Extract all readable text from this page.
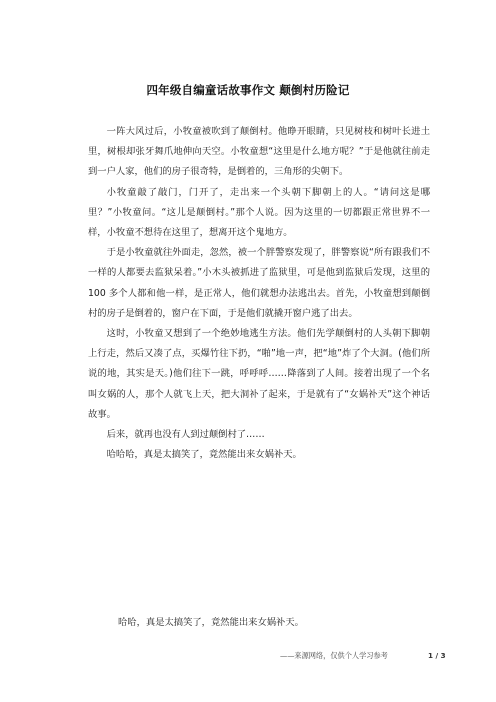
四年级自编童话故事作文 颠倒村历险记

一阵大风过后，小牧童被吹到了颠倒村。他睁开眼睛，只见树枝和树叶长进土里，树根却张牙舞爪地伸向天空。小牧童想“这里是什么地方呢？”于是他就往前走到一户人家，他们的房子很奇特，是倒着的，三角形的尖朝下。

小牧童敲了敲门，门开了，走出来一个头朝下脚朝上的人。“请问这是哪里？”小牧童问。“这儿是颠倒村。”那个人说。因为这里的一切都跟正常世界不一样，小牧童不想待在这里了，想离开这个鬼地方。

于是小牧童就往外面走，忽然，被一个胖警察发现了，胖警察说“所有跟我们不一样的人都要去监狱呆着。”小木头被抓进了监狱里，可是他到监狱后发现，这里的 100 多个人都和他一样，是正常人，他们就想办法逃出去。首先，小牧童想到颠倒村的房子是倒着的，窗户在下面，于是他们就撬开窗户逃了出去。

这时，小牧童又想到了一个绝妙地逃生方法。他们先学颠倒村的人头朝下脚朝上行走，然后又凑了点，买爆竹往下扔，“啪”地一声，把“地”炸了个大洞。(他们所说的地，其实是天。)他们往下一跳，呼呼呼……降落到了人间。接着出现了一个名叫女娲的人，那个人就飞上天，把大洞补了起来，于是就有了“女娲补天”这个神话故事。

后来，就再也没有人到过颠倒村了……

哈哈哈，真是太搞笑了，竟然能出来女娲补天。

哈哈，真是太搞笑了，竟然能出来女娲补天。
——来源网络，仅供个人学习参考	1 / 3
